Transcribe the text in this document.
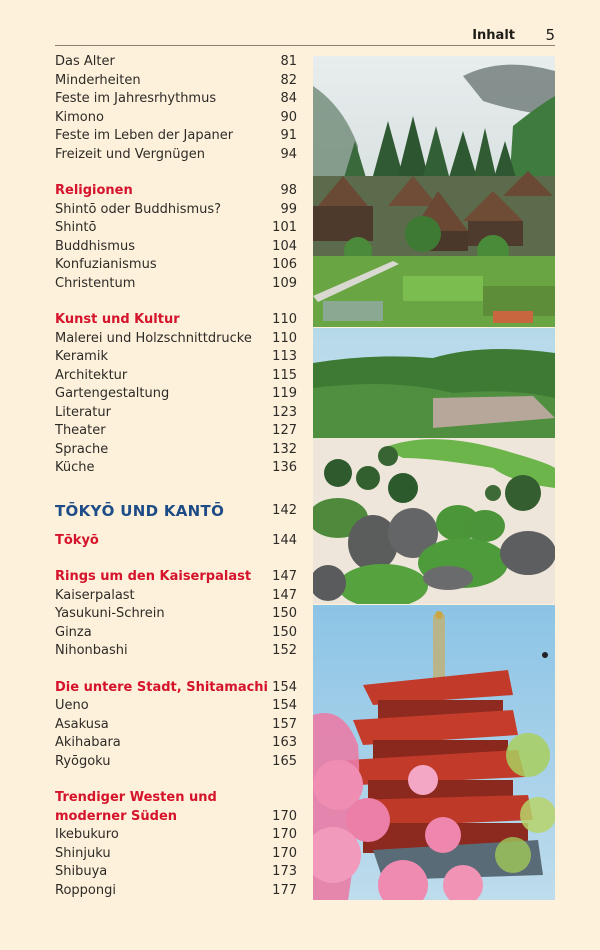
Inhalt 5
Das Alter	81
Minderheiten	82
Feste im Jahresrhythmus	84
Kimono	90
Feste im Leben der Japaner	91
Freizeit und Vergnügen	94
Religionen	98
Shintō oder Buddhismus?	99
Shintō	101
Buddhismus	104
Konfuzianismus	106
Christentum	109
Kunst und Kultur	110
Malerei und Holzschnittdrucke 110
Keramik	113
Architektur	115
Gartengestaltung	119
Literatur	123
Theater	127
Sprache	132
Küche	136
TŌKYŌ UND KANTŌ	142
Tōkyō	144
Rings um den Kaiserpalast 147
Kaiserpalast	147
Yasukuni-Schrein	150
Ginza	150
Nihonbashi	152
Die untere Stadt, Shitamachi 154
Ueno	154
Asakusa	157
Akihabara	163
Ryōgoku	165
Trendiger Westen und
moderner Süden	170
Ikebukuro	170
Shinjuku	170
Shibuya	173
Roppongi	177
